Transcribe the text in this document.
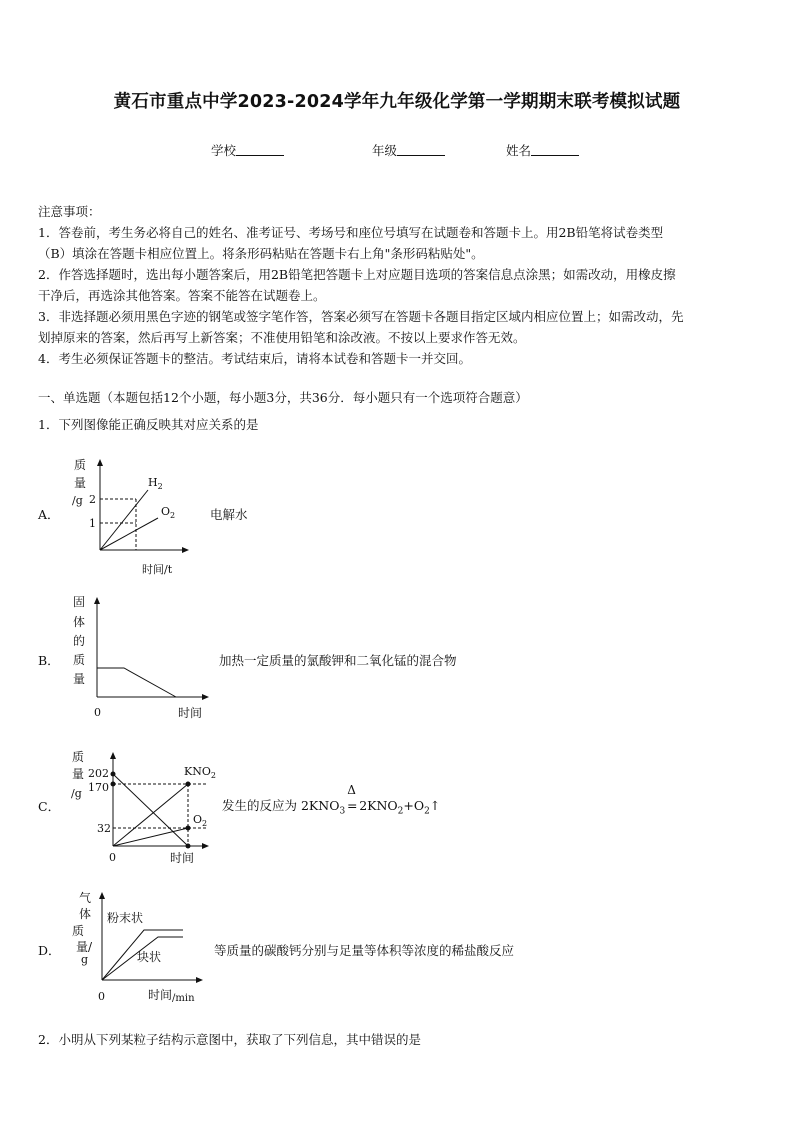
黄石市重点中学2023-2024学年九年级化学第一学期期末联考模拟试题
学校	年级	姓名
注意事项：
1．答卷前，考生务必将自己的姓名、准考证号、考场号和座位号填写在试题卷和答题卡上。用2B铅笔将试卷类型
（B）填涂在答题卡相应位置上。将条形码粘贴在答题卡右上角"条形码粘贴处"。
2．作答选择题时，选出每小题答案后，用2B铅笔把答题卡上对应题目选项的答案信息点涂黑；如需改动，用橡皮擦
干净后，再选涂其他答案。答案不能答在试题卷上。
3．非选择题必须用黑色字迹的钢笔或签字笔作答，答案必须写在答题卡各题目指定区域内相应位置上；如需改动，先
划掉原来的答案，然后再写上新答案；不准使用铅笔和涂改液。不按以上要求作答无效。
4．考生必须保证答题卡的整洁。考试结束后，请将本试卷和答题卡一并交回。
一、单选题（本题包括12个小题，每小题3分，共36分．每小题只有一个选项符合题意）
1．下列图像能正确反映其对应关系的是
A．
质
量
/g 2
1
$H_2$
$O_2$
时间/t
电解水
B．
固
体
的
质
量
0	时间
加热一定质量的氯酸钾和二氧化锰的混合物
C．
质
量
/g
202
170
32
$KNO_2$
$O_2$
0	时间
发生的反应为 $2KNO_3$
Δ
= $2KNO_2+O_2↑$
D．
气
体
质
量/
g
粉末状
块状
0	时间/min
等质量的碳酸钙分别与足量等体积等浓度的稀盐酸反应
2．小明从下列某粒子结构示意图中，获取了下列信息，其中错误的是
